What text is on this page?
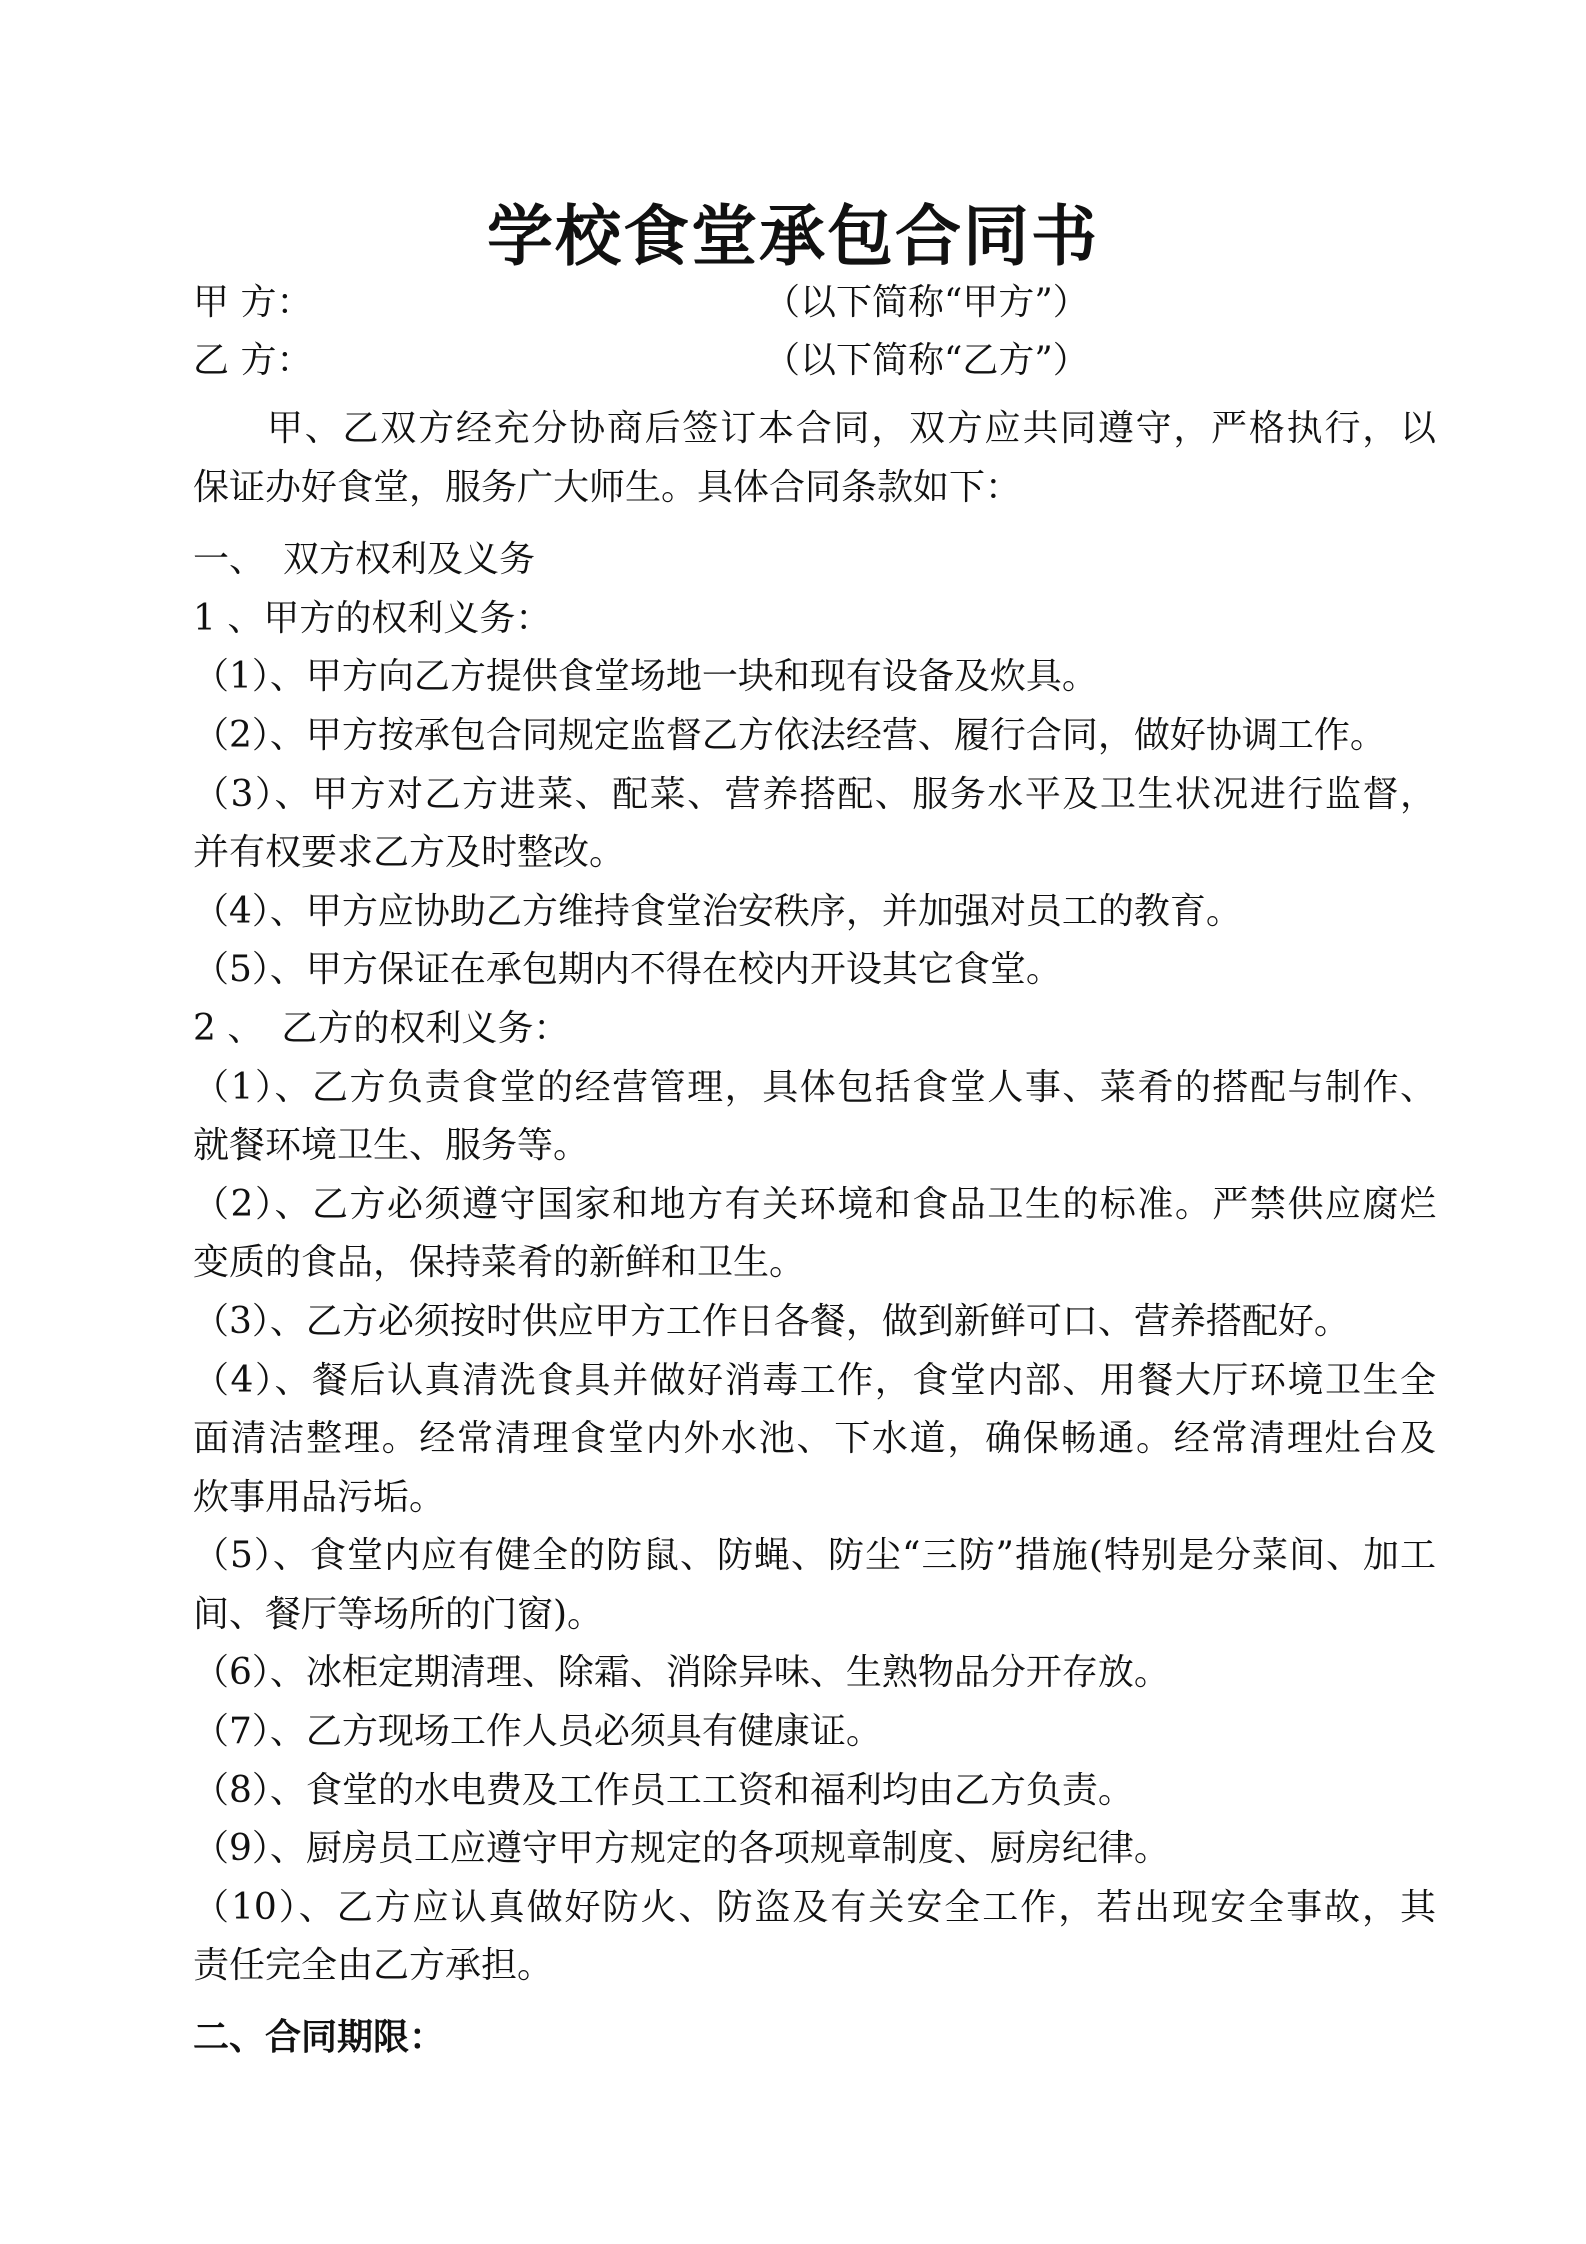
学校食堂承包合同书
甲 方：	（以下简称“甲方”）
乙 方：	（以下简称“乙方”）
甲、乙双方经充分协商后签订本合同，双方应共同遵守，严格执行，以
保证办好食堂，服务广大师生。具体合同条款如下：
一、　双方权利及义务
1 、甲方的权利义务：
（1）、甲方向乙方提供食堂场地一块和现有设备及炊具。
（2）、甲方按承包合同规定监督乙方依法经营、履行合同，做好协调工作。
（3）、甲方对乙方进菜、配菜、营养搭配、服务水平及卫生状况进行监督，
并有权要求乙方及时整改。
（4）、甲方应协助乙方维持食堂治安秩序，并加强对员工的教育。
（5）、甲方保证在承包期内不得在校内开设其它食堂。
2 、　乙方的权利义务：
（1）、乙方负责食堂的经营管理，具体包括食堂人事、菜肴的搭配与制作、
就餐环境卫生、服务等。
（2）、乙方必须遵守国家和地方有关环境和食品卫生的标准。严禁供应腐烂
变质的食品，保持菜肴的新鲜和卫生。
（3）、乙方必须按时供应甲方工作日各餐，做到新鲜可口、营养搭配好。
（4）、餐后认真清洗食具并做好消毒工作，食堂内部、用餐大厅环境卫生全
面清洁整理。经常清理食堂内外水池、下水道，确保畅通。经常清理灶台及
炊事用品污垢。
（5）、食堂内应有健全的防鼠、防蝇、防尘“三防”措施(特别是分菜间、加工
间、餐厅等场所的门窗)。
（6）、冰柜定期清理、除霜、消除异味、生熟物品分开存放。
（7）、乙方现场工作人员必须具有健康证。
（8）、食堂的水电费及工作员工工资和福利均由乙方负责。
（9）、厨房员工应遵守甲方规定的各项规章制度、厨房纪律。
（10）、乙方应认真做好防火、防盗及有关安全工作，若出现安全事故，其
责任完全由乙方承担。
二、合同期限：
